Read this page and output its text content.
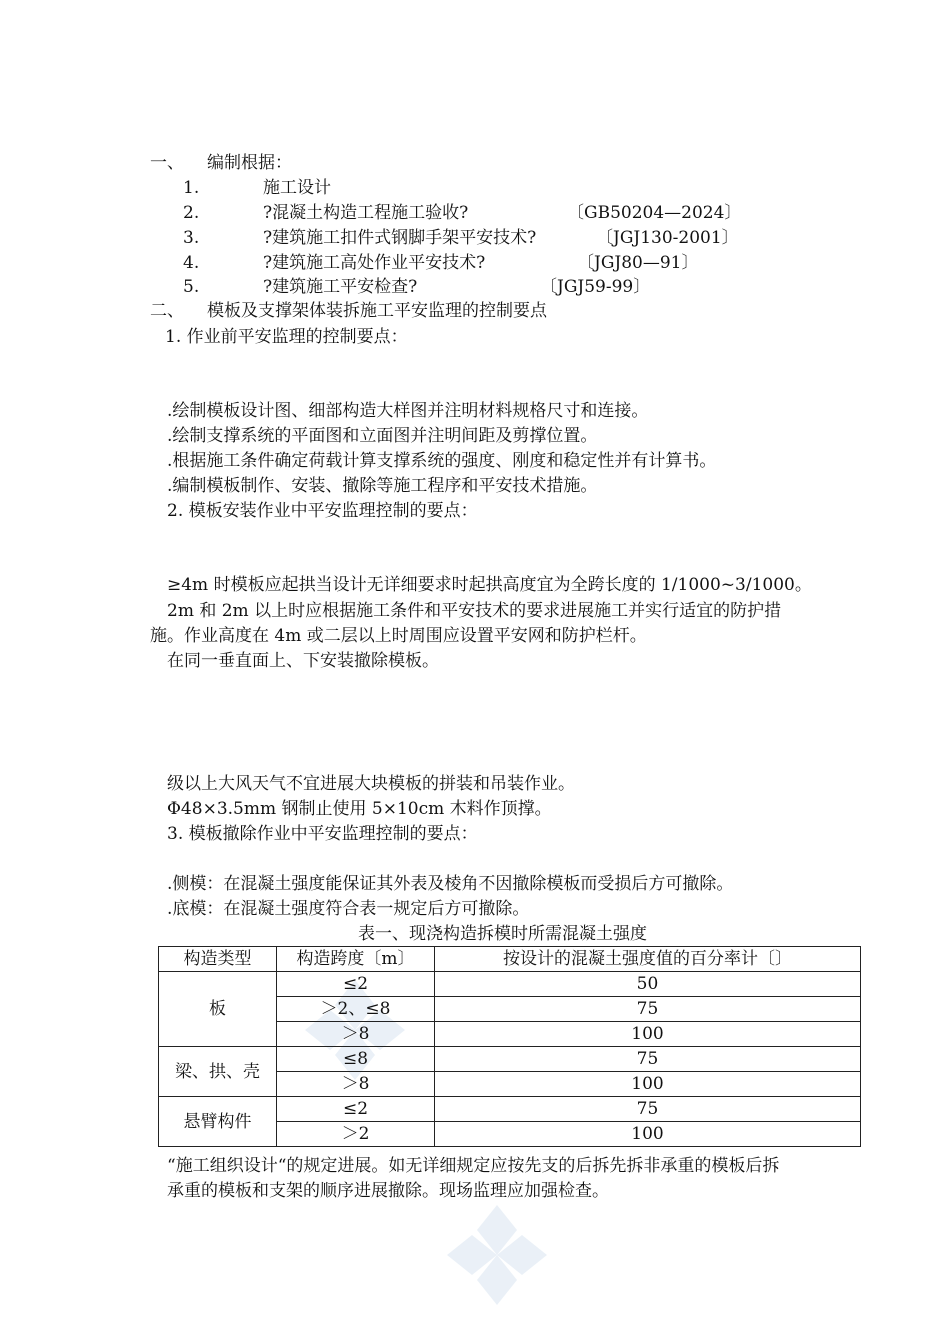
一、 编制根据：
1.	施工设计
2.	?混凝土构造工程施工验收?	〔GB50204—2024〕
3.	?建筑施工扣件式钢脚手架平安技术?	〔JGJ130-2001〕
4.	?建筑施工高处作业平安技术?	〔JGJ80—91〕
5.	?建筑施工平安检查?	〔JGJ59-99〕
二、 模板及支撑架体装拆施工平安监理的控制要点
1. 作业前平安监理的控制要点：
.绘制模板设计图、细部构造大样图并注明材料规格尺寸和连接。
.绘制支撑系统的平面图和立面图并注明间距及剪撑位置。
.根据施工条件确定荷载计算支撑系统的强度、刚度和稳定性并有计算书。
.编制模板制作、安装、撤除等施工程序和平安技术措施。
2. 模板安装作业中平安监理控制的要点：
≥4m 时模板应起拱当设计无详细要求时起拱高度宜为全跨长度的 1/1000~3/1000。
2m 和 2m 以上时应根据施工条件和平安技术的要求进展施工并实行适宜的防护措
施。作业高度在 4m 或二层以上时周围应设置平安网和防护栏杆。
在同一垂直面上、下安装撤除模板。
级以上大风天气不宜进展大块模板的拼装和吊装作业。
Φ48×3.5mm 钢制止使用 5×10cm 木料作顶撑。
3. 模板撤除作业中平安监理控制的要点：
.侧模：在混凝土强度能保证其外表及棱角不因撤除模板而受损后方可撤除。
.底模：在混凝土强度符合表一规定后方可撤除。
表一、现浇构造拆模时所需混凝土强度
构造类型	构造跨度〔m〕	按设计的混凝土强度值的百分率计〔〕
板	≤2	50
	＞2、≤8	75
	＞8	100
梁、拱、壳	≤8	75
	＞8	100
悬臂构件	≤2	75
	＞2	100
“施工组织设计“的规定进展。如无详细规定应按先支的后拆先拆非承重的模板后拆
承重的模板和支架的顺序进展撤除。现场监理应加强检查。
